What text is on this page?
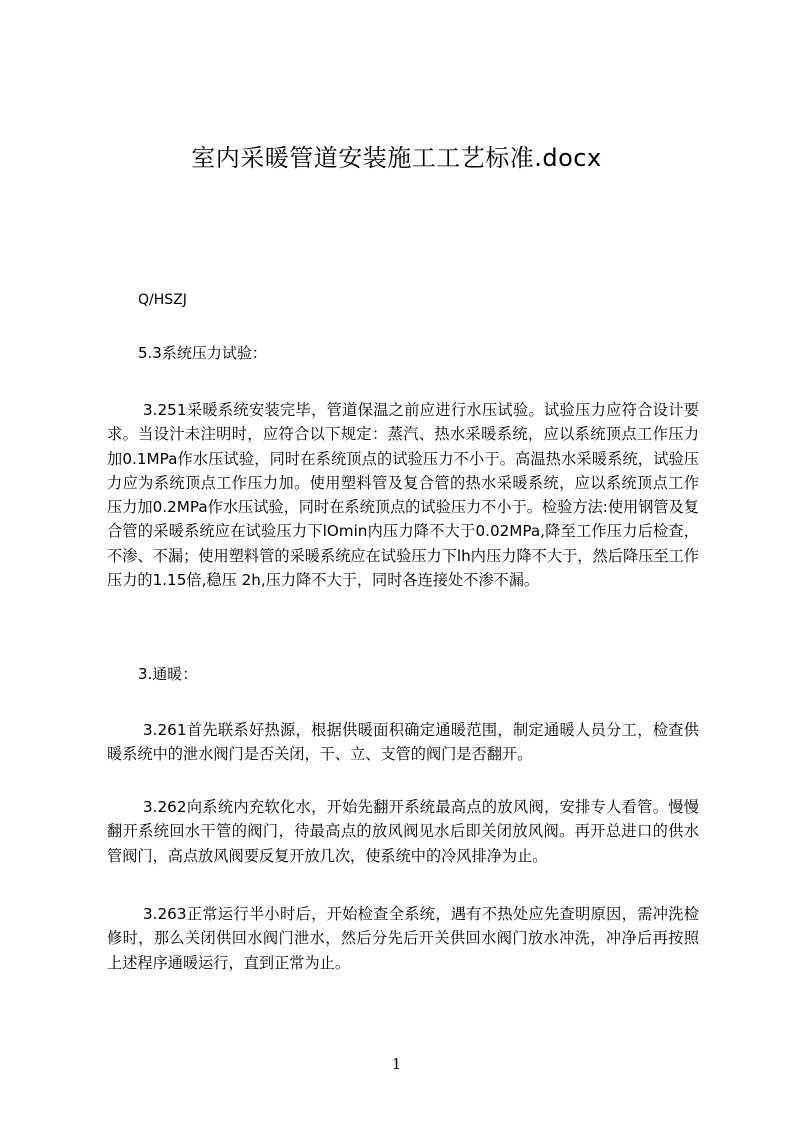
室内采暖管道安装施工工艺标准.docx
Q/HSZJ
5.3系统压力试验：
3.251采暖系统安装完毕，管道保温之前应进行水压试验。试验压力应符合设计要求。当设汁未注明时，应符合以下规定：蒸汽、热水采暖系统，应以系统顶点工作压力加0.1MPa作水压试验，同时在系统顶点的试验压力不小于。高温热水采暖系统，试验压力应为系统顶点工作压力加。使用塑料管及复合管的热水采暖系统，应以系统顶点工作压力加0.2MPa作水压试验，同时在系统顶点的试验压力不小于。检验方法:使用钢管及复合管的采暖系统应在试验压力下lOmin内压力降不大于0.02MPa,降至工作压力后检查，不渗、不漏；使用塑料管的采暖系统应在试验压力下lh内压力降不大于，然后降压至工作压力的1.15倍,稳压 2h,压力降不大于，同时各连接处不渗不漏。
3.通暖：
3.261首先联系好热源，根据供暖面积确定通暖范围，制定通暖人员分工，检查供暖系统中的泄水阀门是否关闭，干、立、支管的阀门是否翻开。
3.262向系统内充软化水，开始先翻开系统最高点的放风阀，安排专人看管。慢慢翻开系统回水干管的阀门，待最高点的放风阀见水后即关闭放风阀。再开总进口的供水管阀门，高点放风阀要反复开放几次，使系统中的冷风排净为止。
3.263正常运行半小时后，开始检查全系统，遇有不热处应先查明原因，需冲洗检修时，那么关闭供回水阀门泄水，然后分先后开关供回水阀门放水冲洗，冲净后再按照上述程序通暖运行，直到正常为止。
1
